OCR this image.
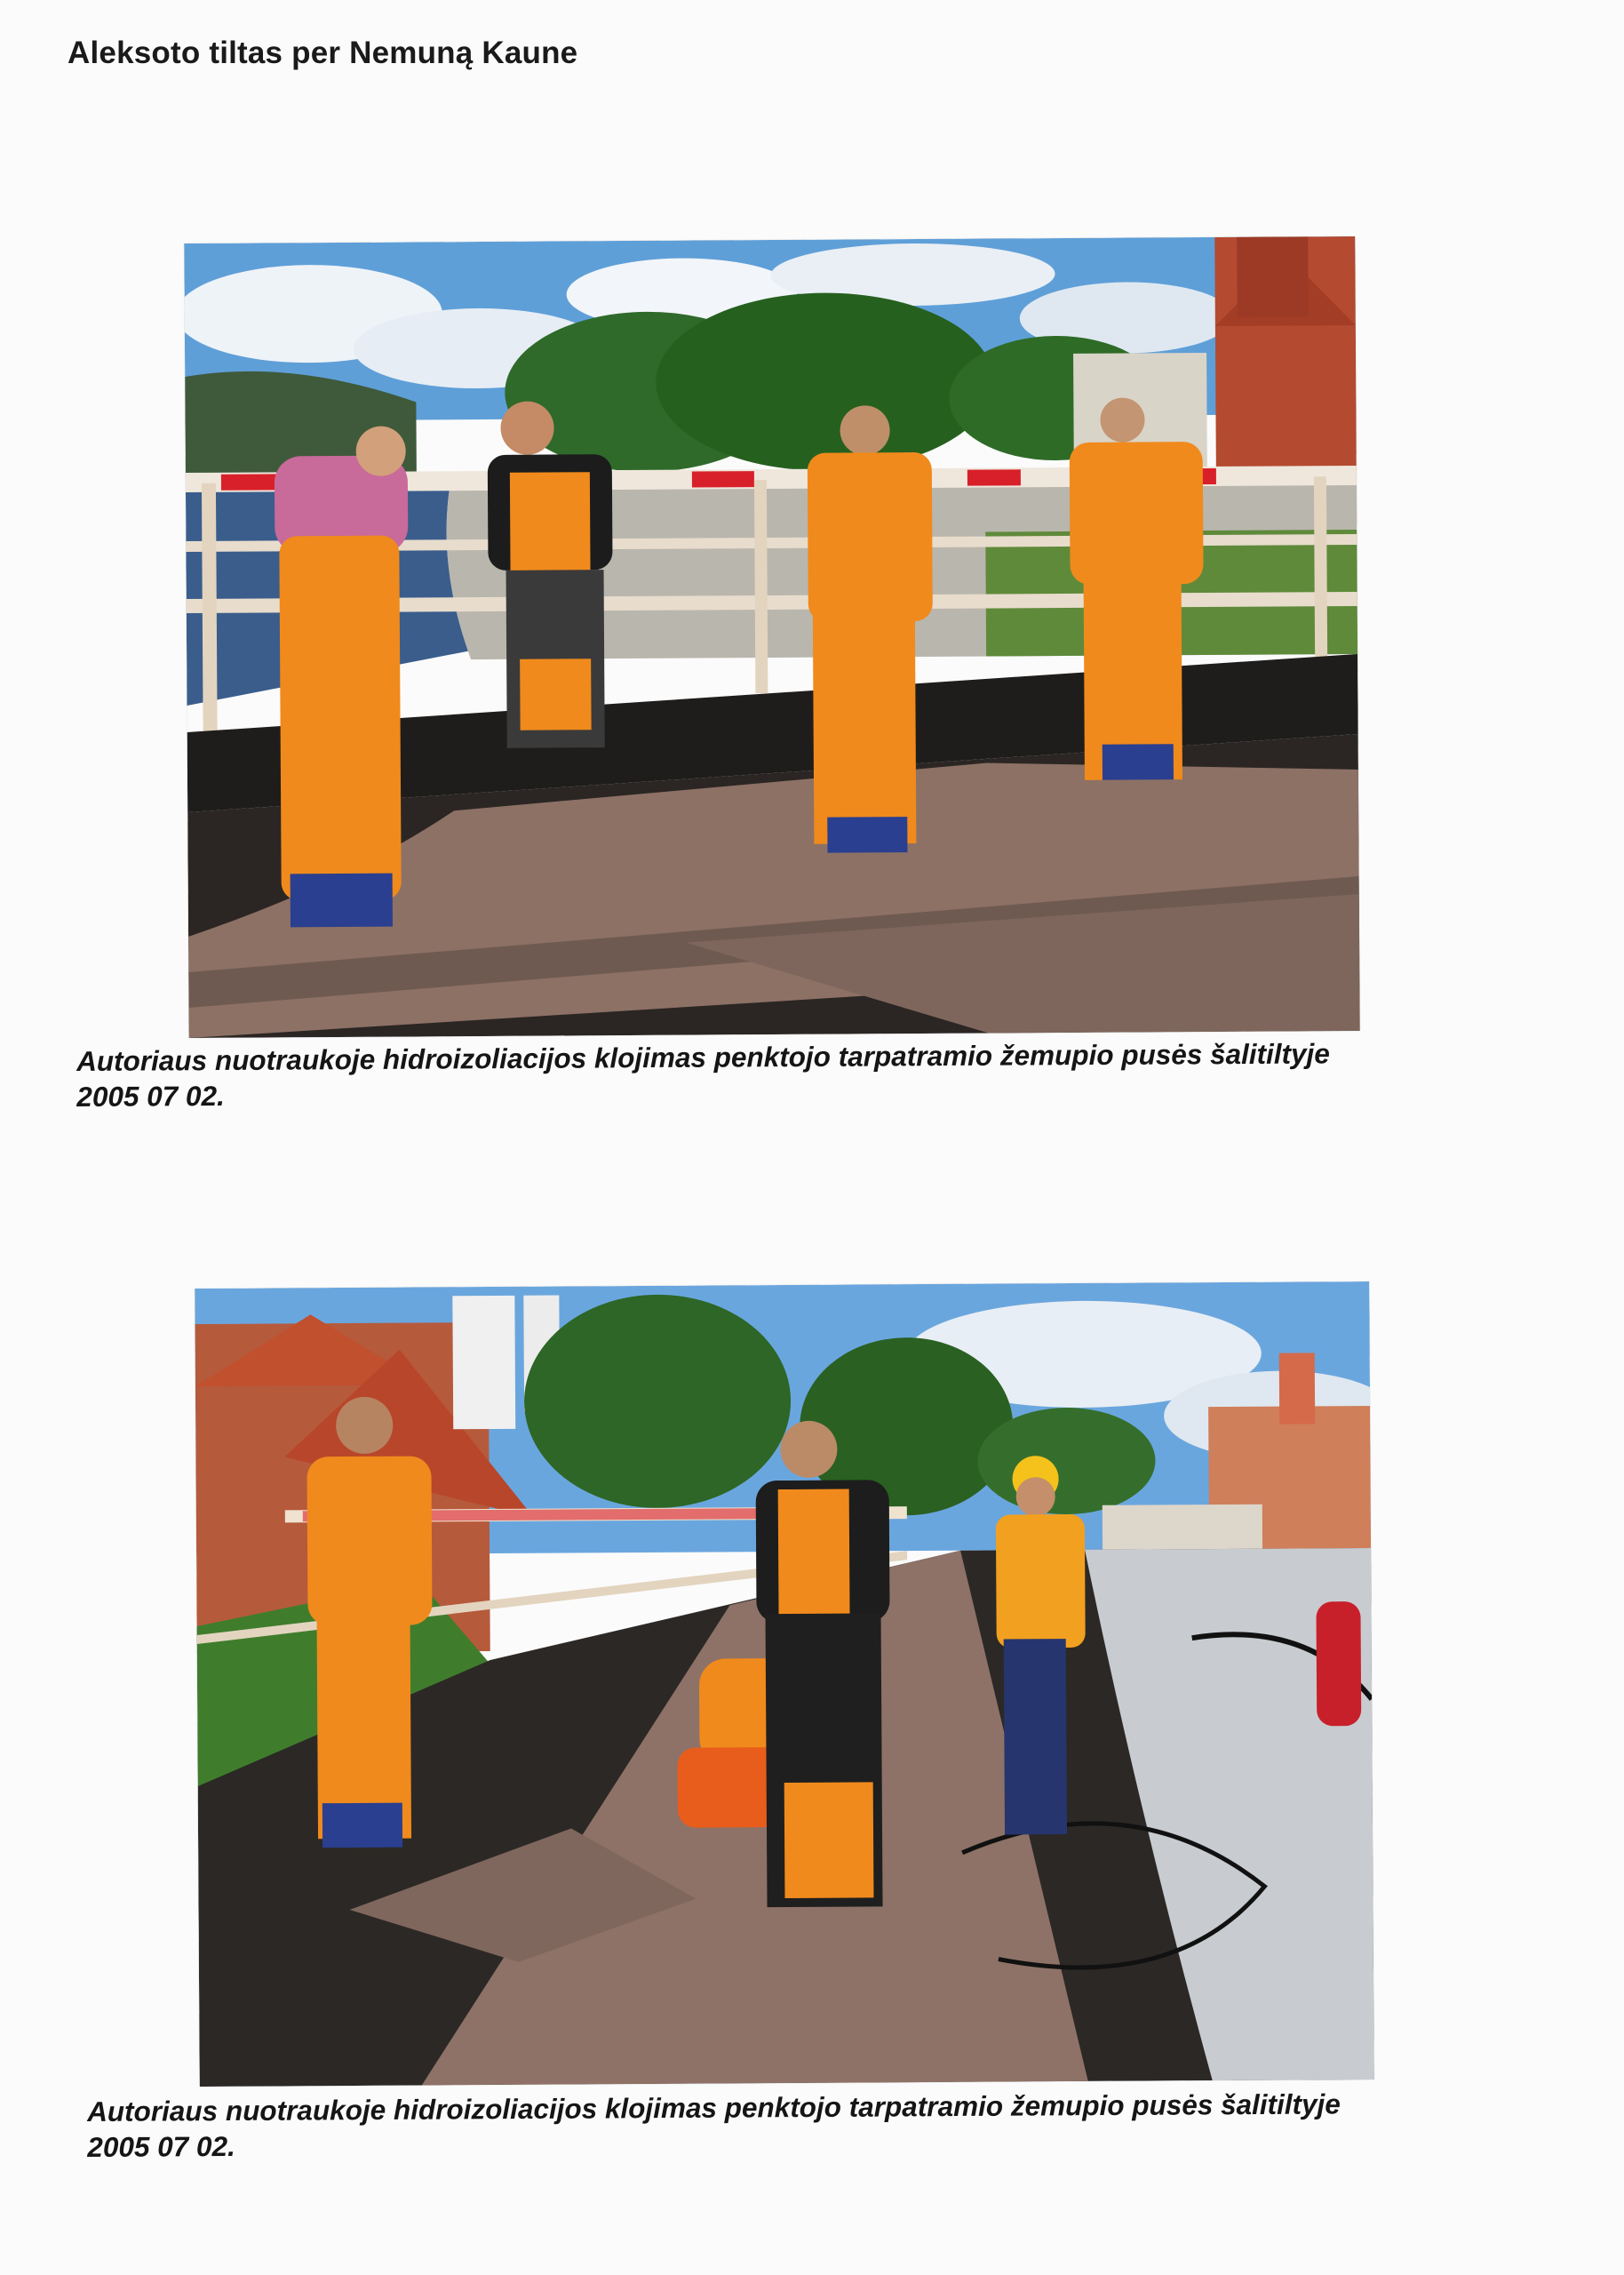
Aleksoto tiltas per Nemuną Kaune
Autoriaus nuotraukoje hidroizoliacijos klojimas penktojo tarpatramio žemupio pusės šalitiltyje
2005 07 02.
Autoriaus nuotraukoje hidroizoliacijos klojimas penktojo tarpatramio žemupio pusės šalitiltyje
2005 07 02.
